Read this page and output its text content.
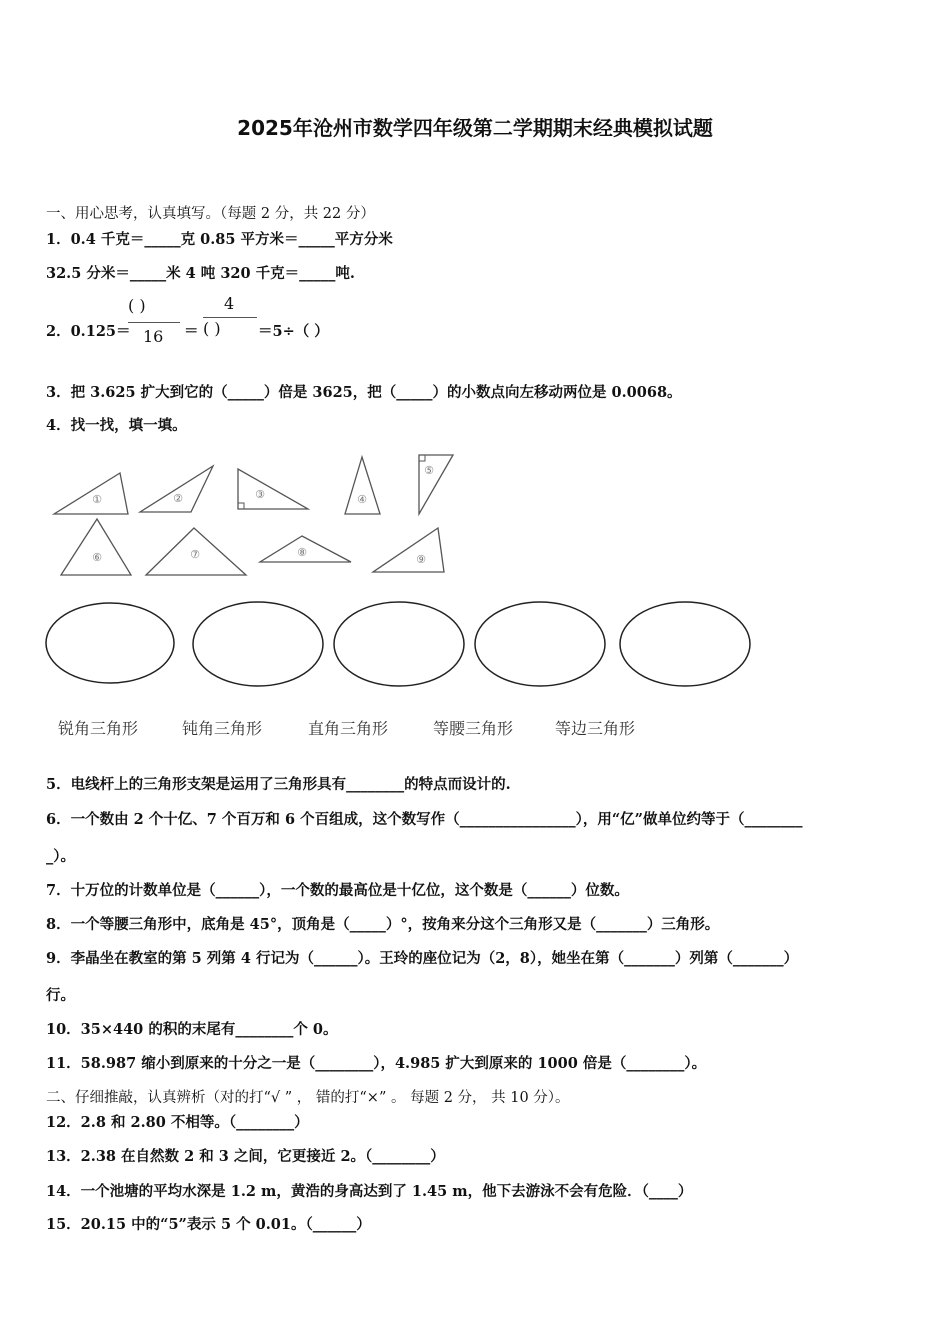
2025年沧州市数学四年级第二学期期末经典模拟试题
一、用心思考，认真填写。（每题 2 分，共 22 分）
1．0.4 千克＝_____克 0.85 平方米＝_____平方分米
32.5 分米＝_____米 4 吨 320 千克＝_____吨.
2．0.125＝
( )
16 ＝
4
( )	＝5÷（ ）
3．把 3.625 扩大到它的（_____）倍是 3625，把（_____）的小数点向左移动两位是 0.0068。
4．找一找，填一填。
①	②	③	④
⑤
⑥	⑦	⑧
⑨
锐角三角形	钝角三角形	直角三角形	等腰三角形	等边三角形
5．电线杆上的三角形支架是运用了三角形具有________的特点而设计的.
6．一个数由 2 个十亿、7 个百万和 6 个百组成，这个数写作（________________），用“亿”做单位约等于（________
_）。
7．十万位的计数单位是（______），一个数的最高位是十亿位，这个数是（______）位数。
8．一个等腰三角形中，底角是 45°，顶角是（_____）°，按角来分这个三角形又是（_______）三角形。
9．李晶坐在教室的第 5 列第 4 行记为（______）。王玲的座位记为（2，8），她坐在第（_______）列第（_______）
行。
10．35×440 的积的末尾有________个 0。
11．58.987 缩小到原来的十分之一是（________），4.985 扩大到原来的 1000 倍是（________）。
二、仔细推敲，认真辨析（对的打“√ ” ， 错的打“×” 。 每题 2 分， 共 10 分）。
12．2.8 和 2.80 不相等。（________）
13．2.38 在自然数 2 和 3 之间，它更接近 2。（________）
14．一个池塘的平均水深是 1.2 m，黄浩的身高达到了 1.45 m，他下去游泳不会有危险．（____）
15．20.15 中的“5”表示 5 个 0.01。（______）
